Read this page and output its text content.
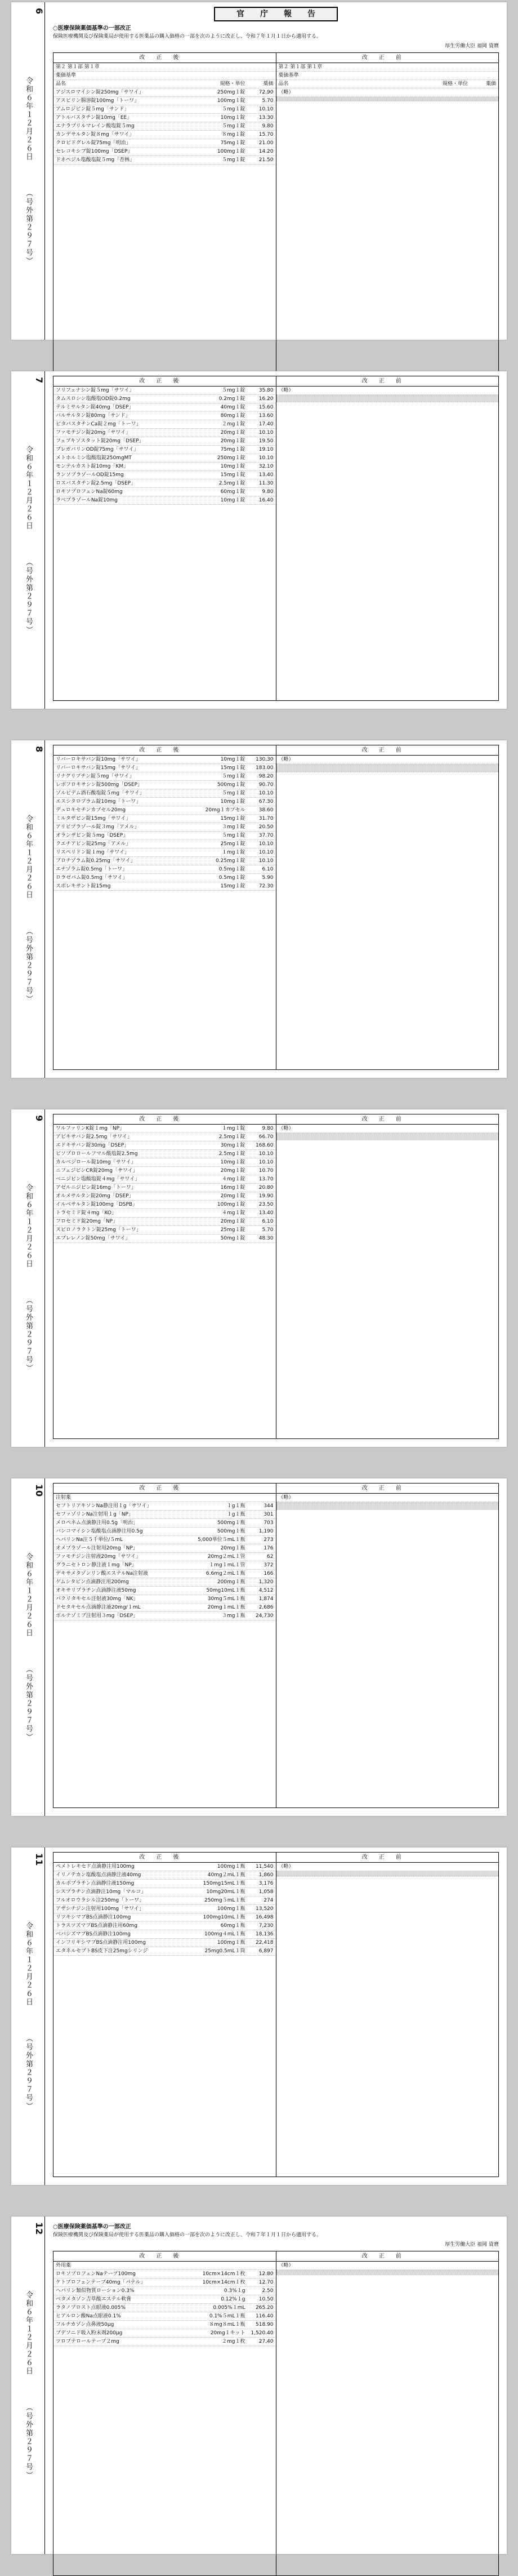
6
令和６年１２月２６日
（号外第２９７号）
官庁報告
○医療保険薬価基準の一部改正
保険医療機関及び保険薬局が使用する医薬品の購入価格の一部を次のように改正し、令和７年１月１日から適用する。
厚生労働大臣 福岡 資麿
改正後
第２ 第１部 第１章
薬価基準
品名	規格・単位	薬価
アジスロマイシン錠250mg「サワイ」	250mg１錠	72.90
アスピリン腸溶錠100mg「トーワ」	100mg１錠	5.70
アムロジピン錠５mg「サンド」	５mg１錠	10.10
アトルバスタチン錠10mg「EE」	10mg１錠	13.30
エナラプリルマレイン酸塩錠５mg	５mg１錠	9.80
カンデサルタン錠８mg「サワイ」	８mg１錠	15.70
クロピドグレル錠75mg「明治」	75mg１錠	21.00
セレコキシブ錠100mg「DSEP」	100mg１錠	14.20
ドネペジル塩酸塩錠５mg「杏林」	５mg１錠	21.50
改正前
第２ 第１部 第１章
薬価基準
品名	規格・単位	薬価
（略）
7
令和６年１２月２６日
（号外第２９７号）
改正後
ソリフェナシン錠５mg「サワイ」	５mg１錠	35.80
タムスロシン塩酸塩OD錠0.2mg	0.2mg１錠	16.20
テルミサルタン錠40mg「DSEP」	40mg１錠	15.60
バルサルタン錠80mg「サンド」	80mg１錠	13.60
ピタバスタチンCa錠２mg「トーワ」	２mg１錠	17.40
ファモチジン錠20mg「サワイ」	20mg１錠	10.10
フェブキソスタット錠20mg「DSEP」	20mg１錠	19.50
プレガバリンOD錠75mg「サワイ」	75mg１錠	19.10
メトホルミン塩酸塩錠250mgMT	250mg１錠	10.10
モンテルカスト錠10mg「KM」	10mg１錠	32.10
ランソプラゾールOD錠15mg	15mg１錠	13.40
ロスバスタチン錠2.5mg「DSEP」	2.5mg１錠	11.30
ロキソプロフェンNa錠60mg	60mg１錠	9.80
ラベプラゾールNa錠10mg	10mg１錠	16.40
改正前
（略）
8
令和６年１２月２６日
（号外第２９７号）
改正後
リバーロキサバン錠10mg「サワイ」	10mg１錠	130.30
リバーロキサバン錠15mg「サワイ」	15mg１錠	183.00
リナグリプチン錠５mg「サワイ」	５mg１錠	98.20
レボフロキサシン錠500mg「DSEP」	500mg１錠	90.70
ゾルピデム酒石酸塩錠５mg「サワイ」	５mg１錠	10.10
エスシタロプラム錠10mg「トーワ」	10mg１錠	67.30
デュロキセチンカプセル20mg	20mg１カプセル	38.60
ミルタザピン錠15mg「サワイ」	15mg１錠	31.70
アリピプラゾール錠３mg「アメル」	３mg１錠	20.50
オランザピン錠５mg「DSEP」	５mg１錠	37.70
クエチアピン錠25mg「アメル」	25mg１錠	10.10
リスペリドン錠１mg「サワイ」	１mg１錠	10.10
ブロチゾラム錠0.25mg「サワイ」	0.25mg１錠	10.10
エチゾラム錠0.5mg「トーワ」	0.5mg１錠	6.10
ロラゼパム錠0.5mg「サワイ」	0.5mg１錠	5.90
スボレキサント錠15mg	15mg１錠	72.30
改正前
（略）
9
令和６年１２月２６日
（号外第２９７号）
改正後
ワルファリンK錠１mg「NP」	１mg１錠	9.80
アピキサバン錠2.5mg「サワイ」	2.5mg１錠	66.70
エドキサバン錠30mg「DSEP」	30mg１錠	168.60
ビソプロロールフマル酸塩錠2.5mg	2.5mg１錠	10.10
カルベジロール錠10mg「サワイ」	10mg１錠	10.10
ニフェジピンCR錠20mg「サワイ」	20mg１錠	10.70
ベニジピン塩酸塩錠４mg「サワイ」	４mg１錠	13.70
アゼルニジピン錠16mg「トーワ」	16mg１錠	20.80
オルメサルタン錠20mg「DSEP」	20mg１錠	19.90
イルベサルタン錠100mg「DSPB」	100mg１錠	23.50
トラセミド錠４mg「KO」	４mg１錠	13.40
フロセミド錠20mg「NP」	20mg１錠	6.10
スピロノラクトン錠25mg「トーワ」	25mg１錠	5.70
エプレレノン錠50mg「サワイ」	50mg１錠	48.30
改正前
（略）
10
令和６年１２月２６日
（号外第２９７号）
改正後
注射薬
セフトリアキソンNa静注用１g「サワイ」	１g１瓶	344
セファゾリンNa注射用１g「NP」	１g１瓶	301
メロペネム点滴静注用0.5g「明治」	500mg１瓶	703
バンコマイシン塩酸塩点滴静注用0.5g	500mg１瓶	1,190
ヘパリンNa注５千単位/５mL	5,000単位５mL１瓶	273
オメプラゾール注射用20mg「NP」	20mg１瓶	176
ファモチジン注射液20mg「サワイ」	20mg２mL１管	62
グラニセトロン静注液１mg「NP」	１mg１mL１管	372
デキサメタゾンリン酸エステルNa注射液	6.6mg２mL１瓶	166
ゲムシタビン点滴静注用200mg	200mg１瓶	1,320
オキサリプラチン点滴静注液50mg	50mg10mL１瓶	4,512
パクリタキセル注射液30mg「NK」	30mg５mL１瓶	1,874
ドセタキセル点滴静注液20mg/１mL	20mg１mL１瓶	2,686
ボルテゾミブ注射用３mg「DSEP」	３mg１瓶	24,730
改正前
（略）
11
令和６年１２月２６日
（号外第２９７号）
改正後
ペメトレキセド点滴静注用100mg	100mg１瓶	11,540
イリノテカン塩酸塩点滴静注液40mg	40mg２mL１瓶	1,860
カルボプラチン点滴静注液150mg	150mg15mL１瓶	3,176
シスプラチン点滴静注10mg「マルコ」	10mg20mL１瓶	1,058
フルオロウラシル注250mg「トーワ」	250mg５mL１瓶	274
アザシチジン注射用100mg「サワイ」	100mg１瓶	13,520
リツキシマブBS点滴静注100mg	100mg10mL１瓶	16,498
トラスツズマブBS点滴静注用60mg	60mg１瓶	7,230
ベバシズマブBS点滴静注100mg	100mg４mL１瓶	18,136
インフリキシマブBS点滴静注用100mg	100mg１瓶	22,418
エタネルセプトBS皮下注25mgシリンジ	25mg0.5mL１筒	6,897
改正前
（略）
12
令和６年１２月２６日
（号外第２９７号）
○医療保険薬価基準の一部改正
保険医療機関及び保険薬局が使用する医薬品の購入価格の一部を次のように改正し、令和７年１月１日から適用する。
厚生労働大臣 福岡 資麿
改正後
外用薬
ロキソプロフェンNaテープ100mg	10cm×14cm１枚	12.80
ケトプロフェンテープ40mg「パテル」	10cm×14cm１枚	12.70
ヘパリン類似物質ローション0.3%	0.3%１g	2.50
ベタメタゾン吉草酸エステル軟膏	0.12%１g	10.50
ラタノプロスト点眼液0.005%	0.005%１mL	265.20
ヒアルロン酸Na点眼液0.1%	0.1%５mL１瓶	116.40
フルチカゾン点鼻液50μg	８mg８mL１瓶	518.90
ブデソニド吸入粉末剤200μg	20mg１キット	1,520.40
ツロブテロールテープ２mg	２mg１枚	27.40
改正前
（略）
